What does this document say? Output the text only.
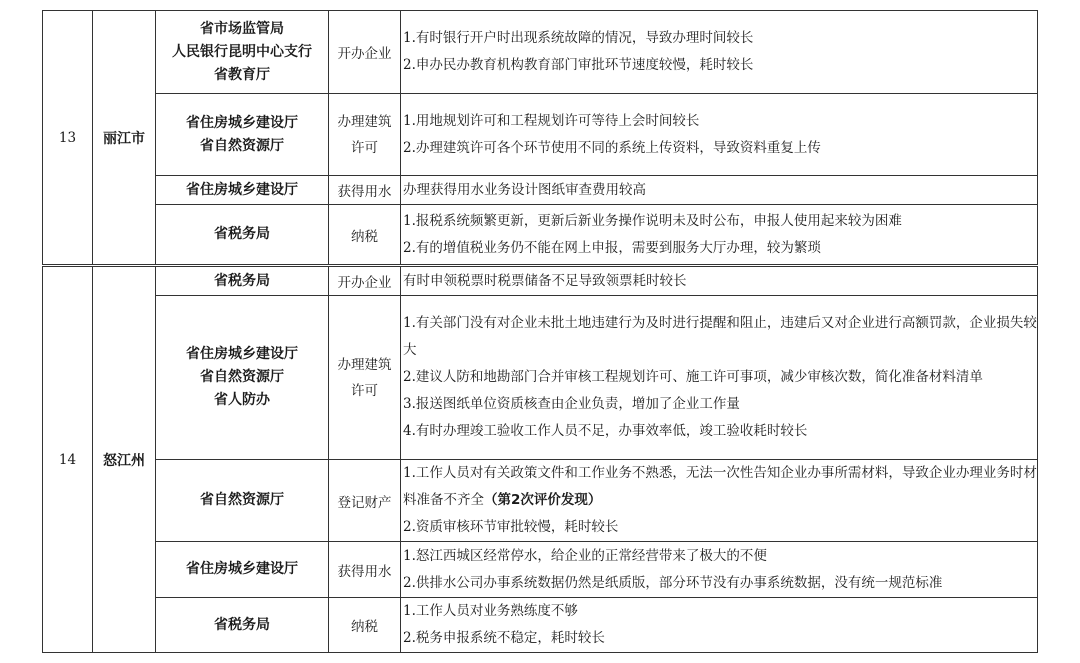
13	丽江市	省市场监管局
人民银行昆明中心支行
省教育厅	开办企业	1.有时银行开户时出现系统故障的情况，导致办理时间较长
2.申办民办教育机构教育部门审批环节速度较慢，耗时较长

		省住房城乡建设厅
省自然资源厅	办理建筑许可	1.用地规划许可和工程规划许可等待上会时间较长
2.办理建筑许可各个环节使用不同的系统上传资料，导致资料重复上传

		省住房城乡建设厅	获得用水	办理获得用水业务设计图纸审查费用较高

		省税务局	纳税	1.报税系统频繁更新，更新后新业务操作说明未及时公布，申报人使用起来较为困难
2.有的增值税业务仍不能在网上申报，需要到服务大厅办理，较为繁琐

14	怒江州	省税务局	开办企业	有时申领税票时税票储备不足导致领票耗时较长

		省住房城乡建设厅
省自然资源厅
省人防办	办理建筑许可	1.有关部门没有对企业未批土地违建行为及时进行提醒和阻止，违建后又对企业进行高额罚款，企业损失较大
2.建议人防和地勘部门合并审核工程规划许可、施工许可事项，减少审核次数，简化准备材料清单
3.报送图纸单位资质核查由企业负责，增加了企业工作量
4.有时办理竣工验收工作人员不足，办事效率低，竣工验收耗时较长

		省自然资源厅	登记财产	1.工作人员对有关政策文件和工作业务不熟悉，无法一次性告知企业办事所需材料，导致企业办理业务时材料准备不齐全（第2次评价发现）
2.资质审核环节审批较慢，耗时较长

		省住房城乡建设厅	获得用水	1.怒江西城区经常停水，给企业的正常经营带来了极大的不便
2.供排水公司办事系统数据仍然是纸质版，部分环节没有办事系统数据，没有统一规范标准

		省税务局	纳税	1.工作人员对业务熟练度不够
2.税务申报系统不稳定，耗时较长
